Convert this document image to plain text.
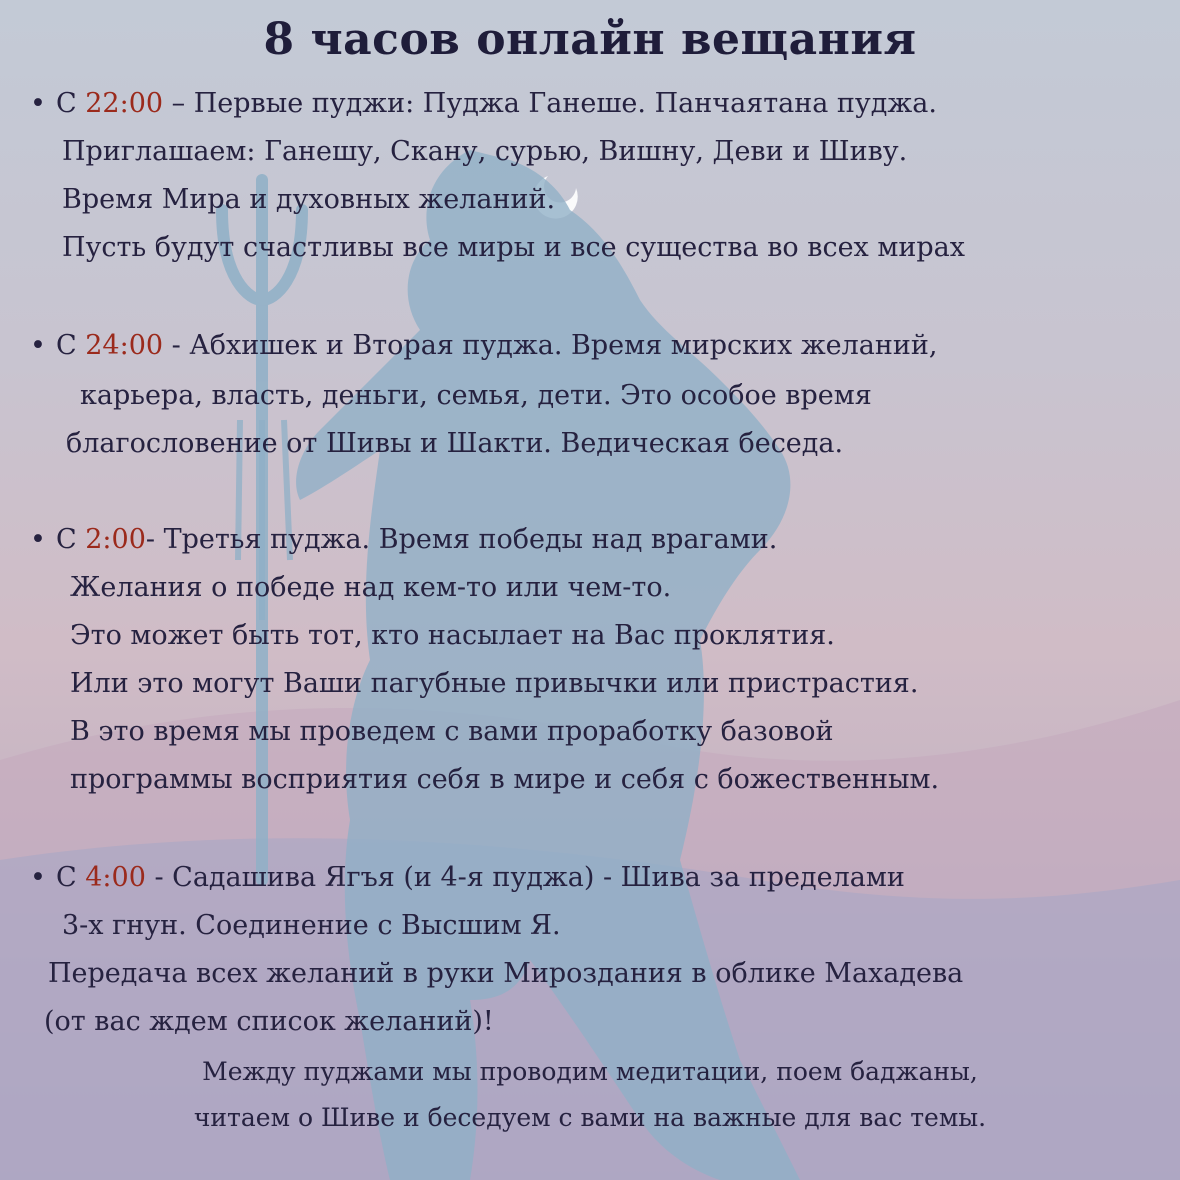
8 часов онлайн вещания
• С 22:00 – Первые пуджи: Пуджа Ганеше. Панчаятана пуджа.
Приглашаем: Ганешу, Скану, сурью, Вишну, Деви и Шиву.
Время Мира и духовных желаний.
Пусть будут счастливы все миры и все существа во всех мирах
• С 24:00 - Абхишек и Вторая пуджа. Время мирских желаний,
карьера, власть, деньги, семья, дети. Это особое время
благословение от Шивы и Шакти. Ведическая беседа.
• С 2:00- Третья пуджа. Время победы над врагами.
Желания о победе над кем-то или чем-то.
Это может быть тот, кто насылает на Вас проклятия.
Или это могут Ваши пагубные привычки или пристрастия.
В это время мы проведем с вами проработку базовой
программы восприятия себя в мире и себя с божественным.
• С 4:00 - Садашива Ягъя (и 4-я пуджа) - Шива за пределами
3-х гнун. Соединение с Высшим Я.
Передача всех желаний в руки Мироздания в облике Махадева
(от вас ждем список желаний)!
Между пуджами мы проводим медитации, поем баджаны,
читаем о Шиве и беседуем с вами на важные для вас темы.
